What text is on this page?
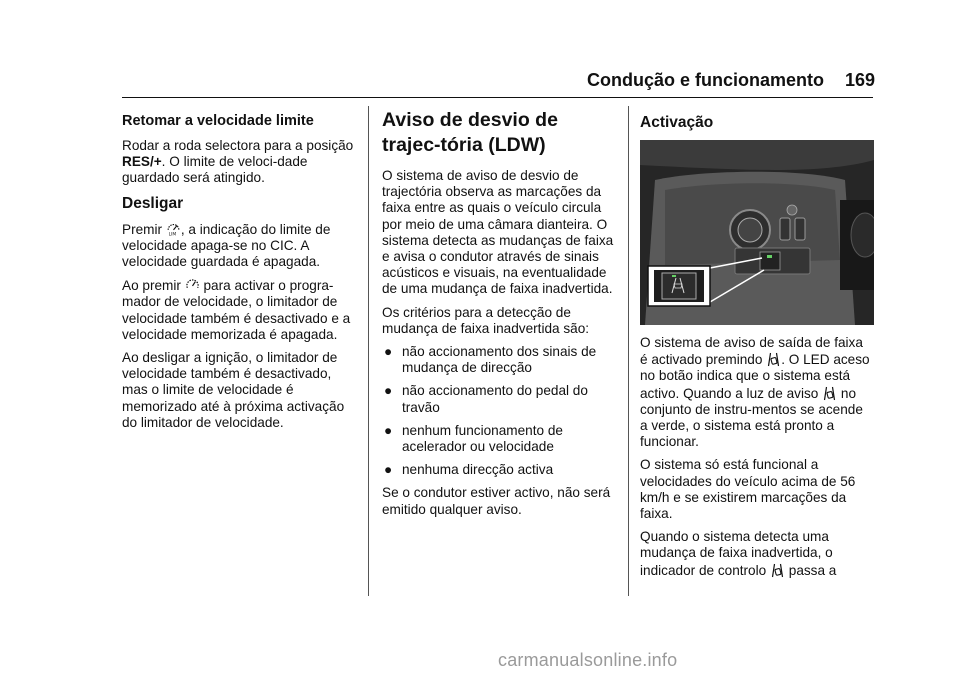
Condução e funcionamento 169
Retomar a velocidade limite

Rodar a roda selectora para a posição RES/+. O limite de veloci-dade guardado será atingido.

Desligar

Premir LIM , a indicação do limite de velocidade apaga-se no CIC. A velocidade guardada é apagada.

Ao premir  para activar o progra-mador de velocidade, o limitador de velocidade também é desactivado e a velocidade memorizada é apagada.

Ao desligar a ignição, o limitador de velocidade também é desactivado, mas o limite de velocidade é memorizado até à próxima activação do limitador de velocidade.

Aviso de desvio de trajec-tória (LDW)

O sistema de aviso de desvio de trajectória observa as marcações da faixa entre as quais o veículo circula por meio de uma câmara dianteira. O sistema detecta as mudanças de faixa e avisa o condutor através de sinais acústicos e visuais, na eventualidade de uma mudança de faixa inadvertida.

Os critérios para a detecção de mudança de faixa inadvertida são:

● não accionamento dos sinais de mudança de direcção
● não accionamento do pedal do travão
● nenhum funcionamento de acelerador ou velocidade
● nenhuma direcção activa

Se o condutor estiver activo, não será emitido qualquer aviso.

Activação

O sistema de aviso de saída de faixa é activado premindo . O LED aceso no botão indica que o sistema está activo. Quando a luz de aviso  no conjunto de instru-mentos se acende a verde, o sistema está pronto a funcionar.

O sistema só está funcional a velocidades do veículo acima de 56 km/h e se existirem marcações da faixa.

Quando o sistema detecta uma mudança de faixa inadvertida, o indicador de controlo  passa a

carmanualsonline.info
